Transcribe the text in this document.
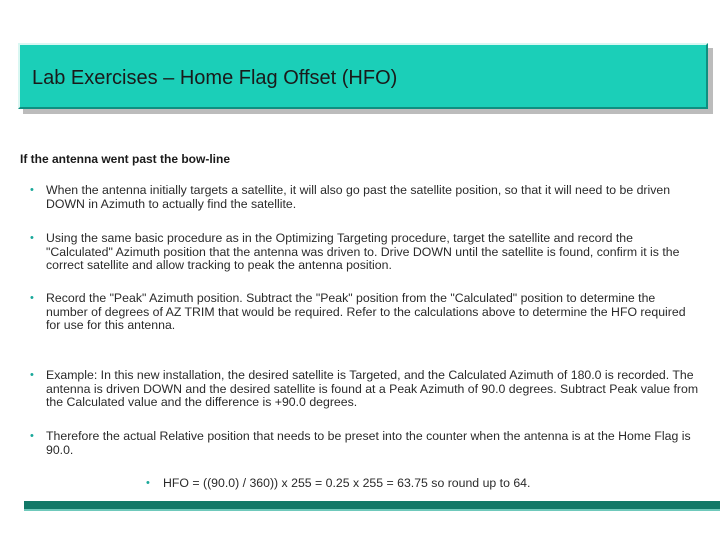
Lab Exercises – Home Flag Offset (HFO)
If the antenna went past the bow-line
• When the antenna initially targets a satellite, it will also go past the satellite position, so that it will need to be driven DOWN in Azimuth to actually find the satellite.
• Using the same basic procedure as in the Optimizing Targeting procedure, target the satellite and record the "Calculated" Azimuth position that the antenna was driven to. Drive DOWN until the satellite is found, confirm it is the correct satellite and allow tracking to peak the antenna position.
• Record the "Peak" Azimuth position. Subtract the "Peak" position from the "Calculated" position to determine the number of degrees of AZ TRIM that would be required. Refer to the calculations above to determine the HFO required for use for this antenna.
• Example: In this new installation, the desired satellite is Targeted, and the Calculated Azimuth of 180.0 is recorded. The antenna is driven DOWN and the desired satellite is found at a Peak Azimuth of 90.0 degrees. Subtract Peak value from the Calculated value and the difference is +90.0 degrees.
• Therefore the actual Relative position that needs to be preset into the counter when the antenna is at the Home Flag is 90.0.
• HFO = ((90.0) / 360)) x 255 = 0.25 x 255 = 63.75 so round up to 64.
